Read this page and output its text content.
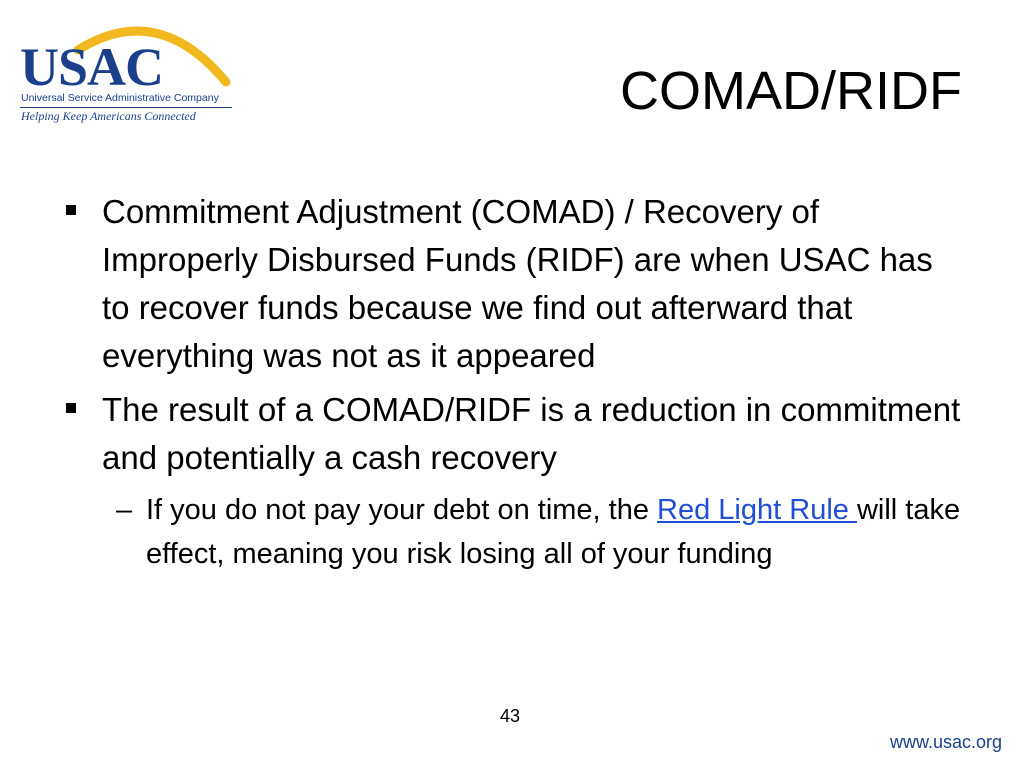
USAC
Universal Service Administrative Company
Helping Keep Americans Connected	COMAD/RIDF
Commitment Adjustment (COMAD) / Recovery of Improperly Disbursed Funds (RIDF) are when USAC has to recover funds because we find out afterward that everything was not as it appeared
The result of a COMAD/RIDF is a reduction in commitment and potentially a cash recovery
– If you do not pay your debt on time, the Red Light Rule will take effect, meaning you risk losing all of your funding
43
www.usac.org
